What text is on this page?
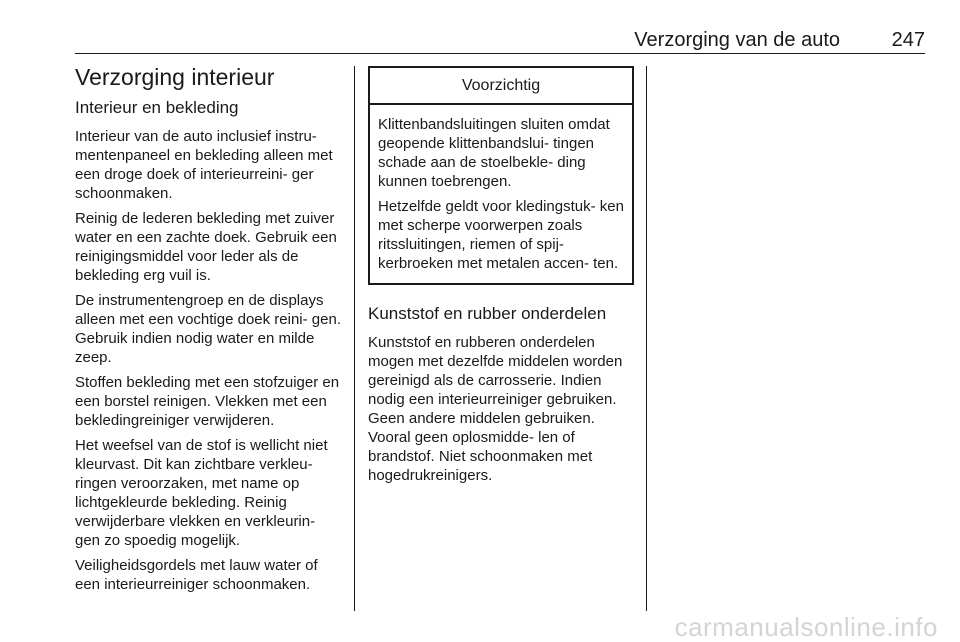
Verzorging van de auto	247
Verzorging interieur
Interieur en bekleding

Interieur van de auto inclusief instru- mentenpaneel en bekleding alleen met een droge doek of interieurreini- ger schoonmaken.

Reinig de lederen bekleding met zuiver water en een zachte doek. Gebruik een reinigingsmiddel voor leder als de bekleding erg vuil is.

De instrumentengroep en de displays alleen met een vochtige doek reini- gen. Gebruik indien nodig water en milde zeep.

Stoffen bekleding met een stofzuiger en een borstel reinigen. Vlekken met een bekledingreiniger verwijderen.

Het weefsel van de stof is wellicht niet kleurvast. Dit kan zichtbare verkleu- ringen veroorzaken, met name op lichtgekleurde bekleding. Reinig verwijderbare vlekken en verkleurin- gen zo spoedig mogelijk.

Veiligheidsgordels met lauw water of een interieurreiniger schoonmaken.

Voorzichtig

Klittenbandsluitingen sluiten omdat geopende klittenbandslui- tingen schade aan de stoelbekle- ding kunnen toebrengen.

Hetzelfde geldt voor kledingstuk- ken met scherpe voorwerpen zoals ritssluitingen, riemen of spij- kerbroeken met metalen accen- ten.

Kunststof en rubber onderdelen

Kunststof en rubberen onderdelen mogen met dezelfde middelen worden gereinigd als de carrosserie. Indien nodig een interieurreiniger gebruiken. Geen andere middelen gebruiken. Vooral geen oplosmidde- len of brandstof. Niet schoonmaken met hogedrukreinigers.

carmanualsonline.info
